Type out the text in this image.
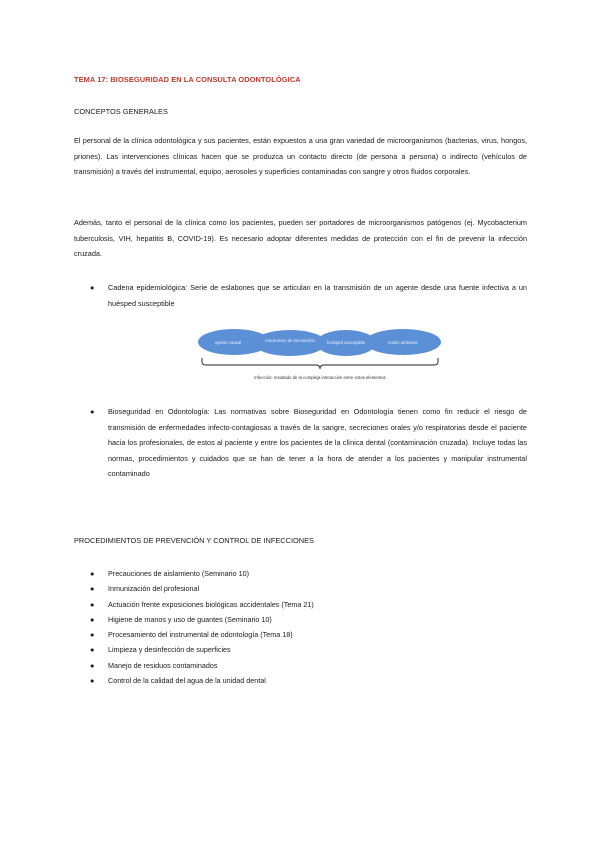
TEMA 17: BIOSEGURIDAD EN LA CONSULTA ODONTOLÓGICA
CONCEPTOS GENERALES
El personal de la clínica odontológica y sus pacientes, están expuestos a una gran variedad de microorganismos (bacterias, virus, hongos, priones). Las intervenciones clínicas hacen que se produzca un contacto directo (de persona a persona) o indirecto (vehículos de transmisión) a través del instrumental, equipo, aerosoles y superficies contaminadas con sangre y otros fluidos corporales.
Además, tanto el personal de la clínica como los pacientes, pueden ser portadores de microorganismos patógenos (ej. Mycobacterium tuberculosis, VIH, hepatitis B, COVID-19). Es necesario adoptar diferentes medidas de protección con el fin de prevenir la infección cruzada.
● Cadena epidemiológica: Serie de eslabones que se articulan en la transmisión de un agente desde una fuente infectiva a un huésped susceptible
agente causal	mecanismo de transmisión	huésped susceptible	medio ambiente
Infección: resultado de la compleja interacción entre estos elementos
● Bioseguridad en Odontología: Las normativas sobre Bioseguridad en Odontología tienen como fin reducir el riesgo de transmisión de enfermedades infecto-contagiosas a través de la sangre, secreciones orales y/o respiratorias desde el paciente hacia los profesionales, de estos al paciente y entre los pacientes de la clínica dental (contaminación cruzada). Incluye todas las normas, procedimientos y cuidados que se han de tener a la hora de atender a los pacientes y manipular instrumental contaminado
PROCEDIMIENTOS DE PREVENCIÓN Y CONTROL DE INFECCIONES
● Precauciones de aislamiento (Seminario 10)
● Inmunización del profesional
● Actuación frente exposiciones biológicas accidentales (Tema 21)
● Higiene de manos y uso de guantes (Seminario 10)
● Procesamiento del instrumental de odontología (Tema 18)
● Limpieza y desinfección de superficies
● Manejo de residuos contaminados
● Control de la calidad del agua de la unidad dental
